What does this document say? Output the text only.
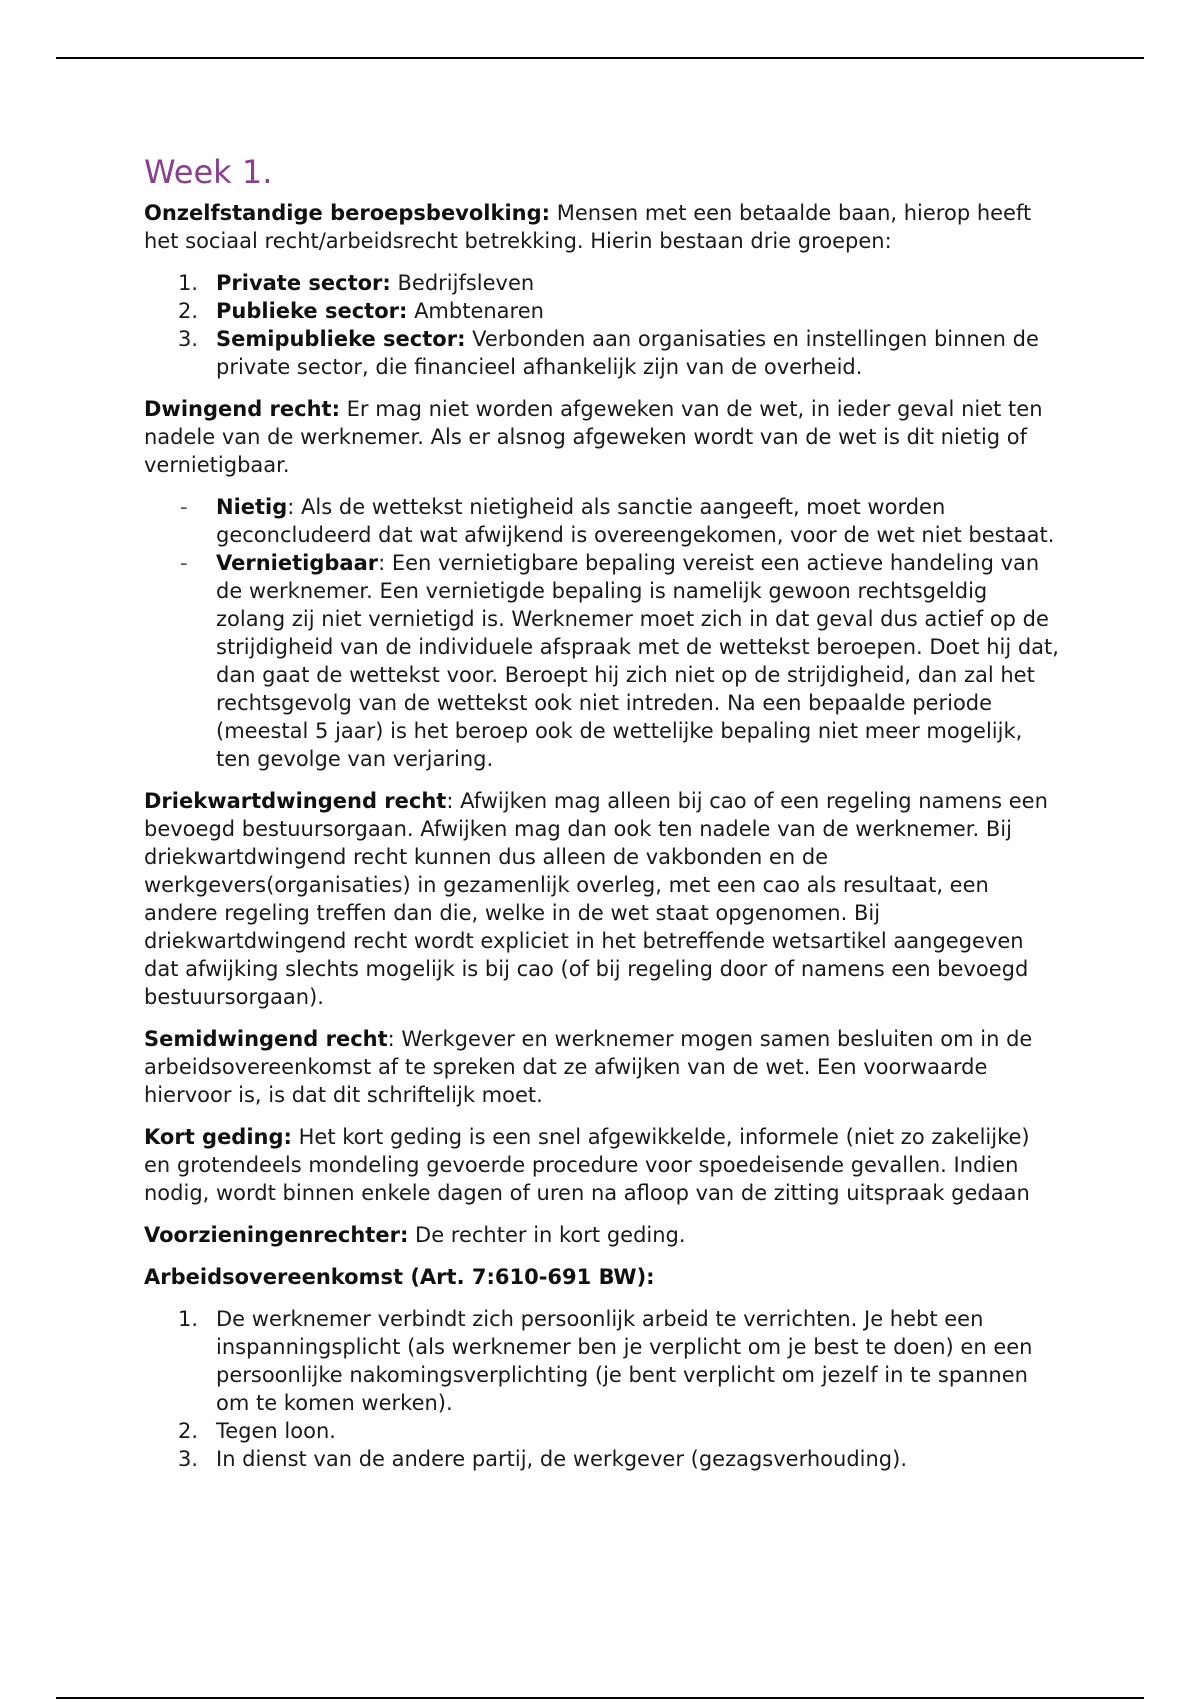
Week 1.

Onzelfstandige beroepsbevolking: Mensen met een betaalde baan, hierop heeft het sociaal recht/arbeidsrecht betrekking. Hierin bestaan drie groepen:

1. Private sector: Bedrijfsleven
2. Publieke sector: Ambtenaren
3. Semipublieke sector: Verbonden aan organisaties en instellingen binnen de private sector, die financieel afhankelijk zijn van de overheid.

Dwingend recht: Er mag niet worden afgeweken van de wet, in ieder geval niet ten nadele van de werknemer. Als er alsnog afgeweken wordt van de wet is dit nietig of vernietigbaar.

- Nietig: Als de wettekst nietigheid als sanctie aangeeft, moet worden geconcludeerd dat wat afwijkend is overeengekomen, voor de wet niet bestaat.
- Vernietigbaar: Een vernietigbare bepaling vereist een actieve handeling van de werknemer. Een vernietigde bepaling is namelijk gewoon rechtsgeldig zolang zij niet vernietigd is. Werknemer moet zich in dat geval dus actief op de strijdigheid van de individuele afspraak met de wettekst beroepen. Doet hij dat, dan gaat de wettekst voor. Beroept hij zich niet op de strijdigheid, dan zal het rechtsgevolg van de wettekst ook niet intreden. Na een bepaalde periode (meestal 5 jaar) is het beroep ook de wettelijke bepaling niet meer mogelijk, ten gevolge van verjaring.

Driekwartdwingend recht: Afwijken mag alleen bij cao of een regeling namens een bevoegd bestuursorgaan. Afwijken mag dan ook ten nadele van de werknemer. Bij driekwartdwingend recht kunnen dus alleen de vakbonden en de werkgevers(organisaties) in gezamenlijk overleg, met een cao als resultaat, een andere regeling treffen dan die, welke in de wet staat opgenomen. Bij driekwartdwingend recht wordt expliciet in het betreffende wetsartikel aangegeven dat afwijking slechts mogelijk is bij cao (of bij regeling door of namens een bevoegd bestuursorgaan).

Semidwingend recht: Werkgever en werknemer mogen samen besluiten om in de arbeidsovereenkomst af te spreken dat ze afwijken van de wet. Een voorwaarde hiervoor is, is dat dit schriftelijk moet.

Kort geding: Het kort geding is een snel afgewikkelde, informele (niet zo zakelijke) en grotendeels mondeling gevoerde procedure voor spoedeisende gevallen. Indien nodig, wordt binnen enkele dagen of uren na afloop van de zitting uitspraak gedaan

Voorzieningenrechter: De rechter in kort geding.

Arbeidsovereenkomst (Art. 7:610-691 BW):

1. De werknemer verbindt zich persoonlijk arbeid te verrichten. Je hebt een inspanningsplicht (als werknemer ben je verplicht om je best te doen) en een persoonlijke nakomingsverplichting (je bent verplicht om jezelf in te spannen om te komen werken).
2. Tegen loon.
3. In dienst van de andere partij, de werkgever (gezagsverhouding).
